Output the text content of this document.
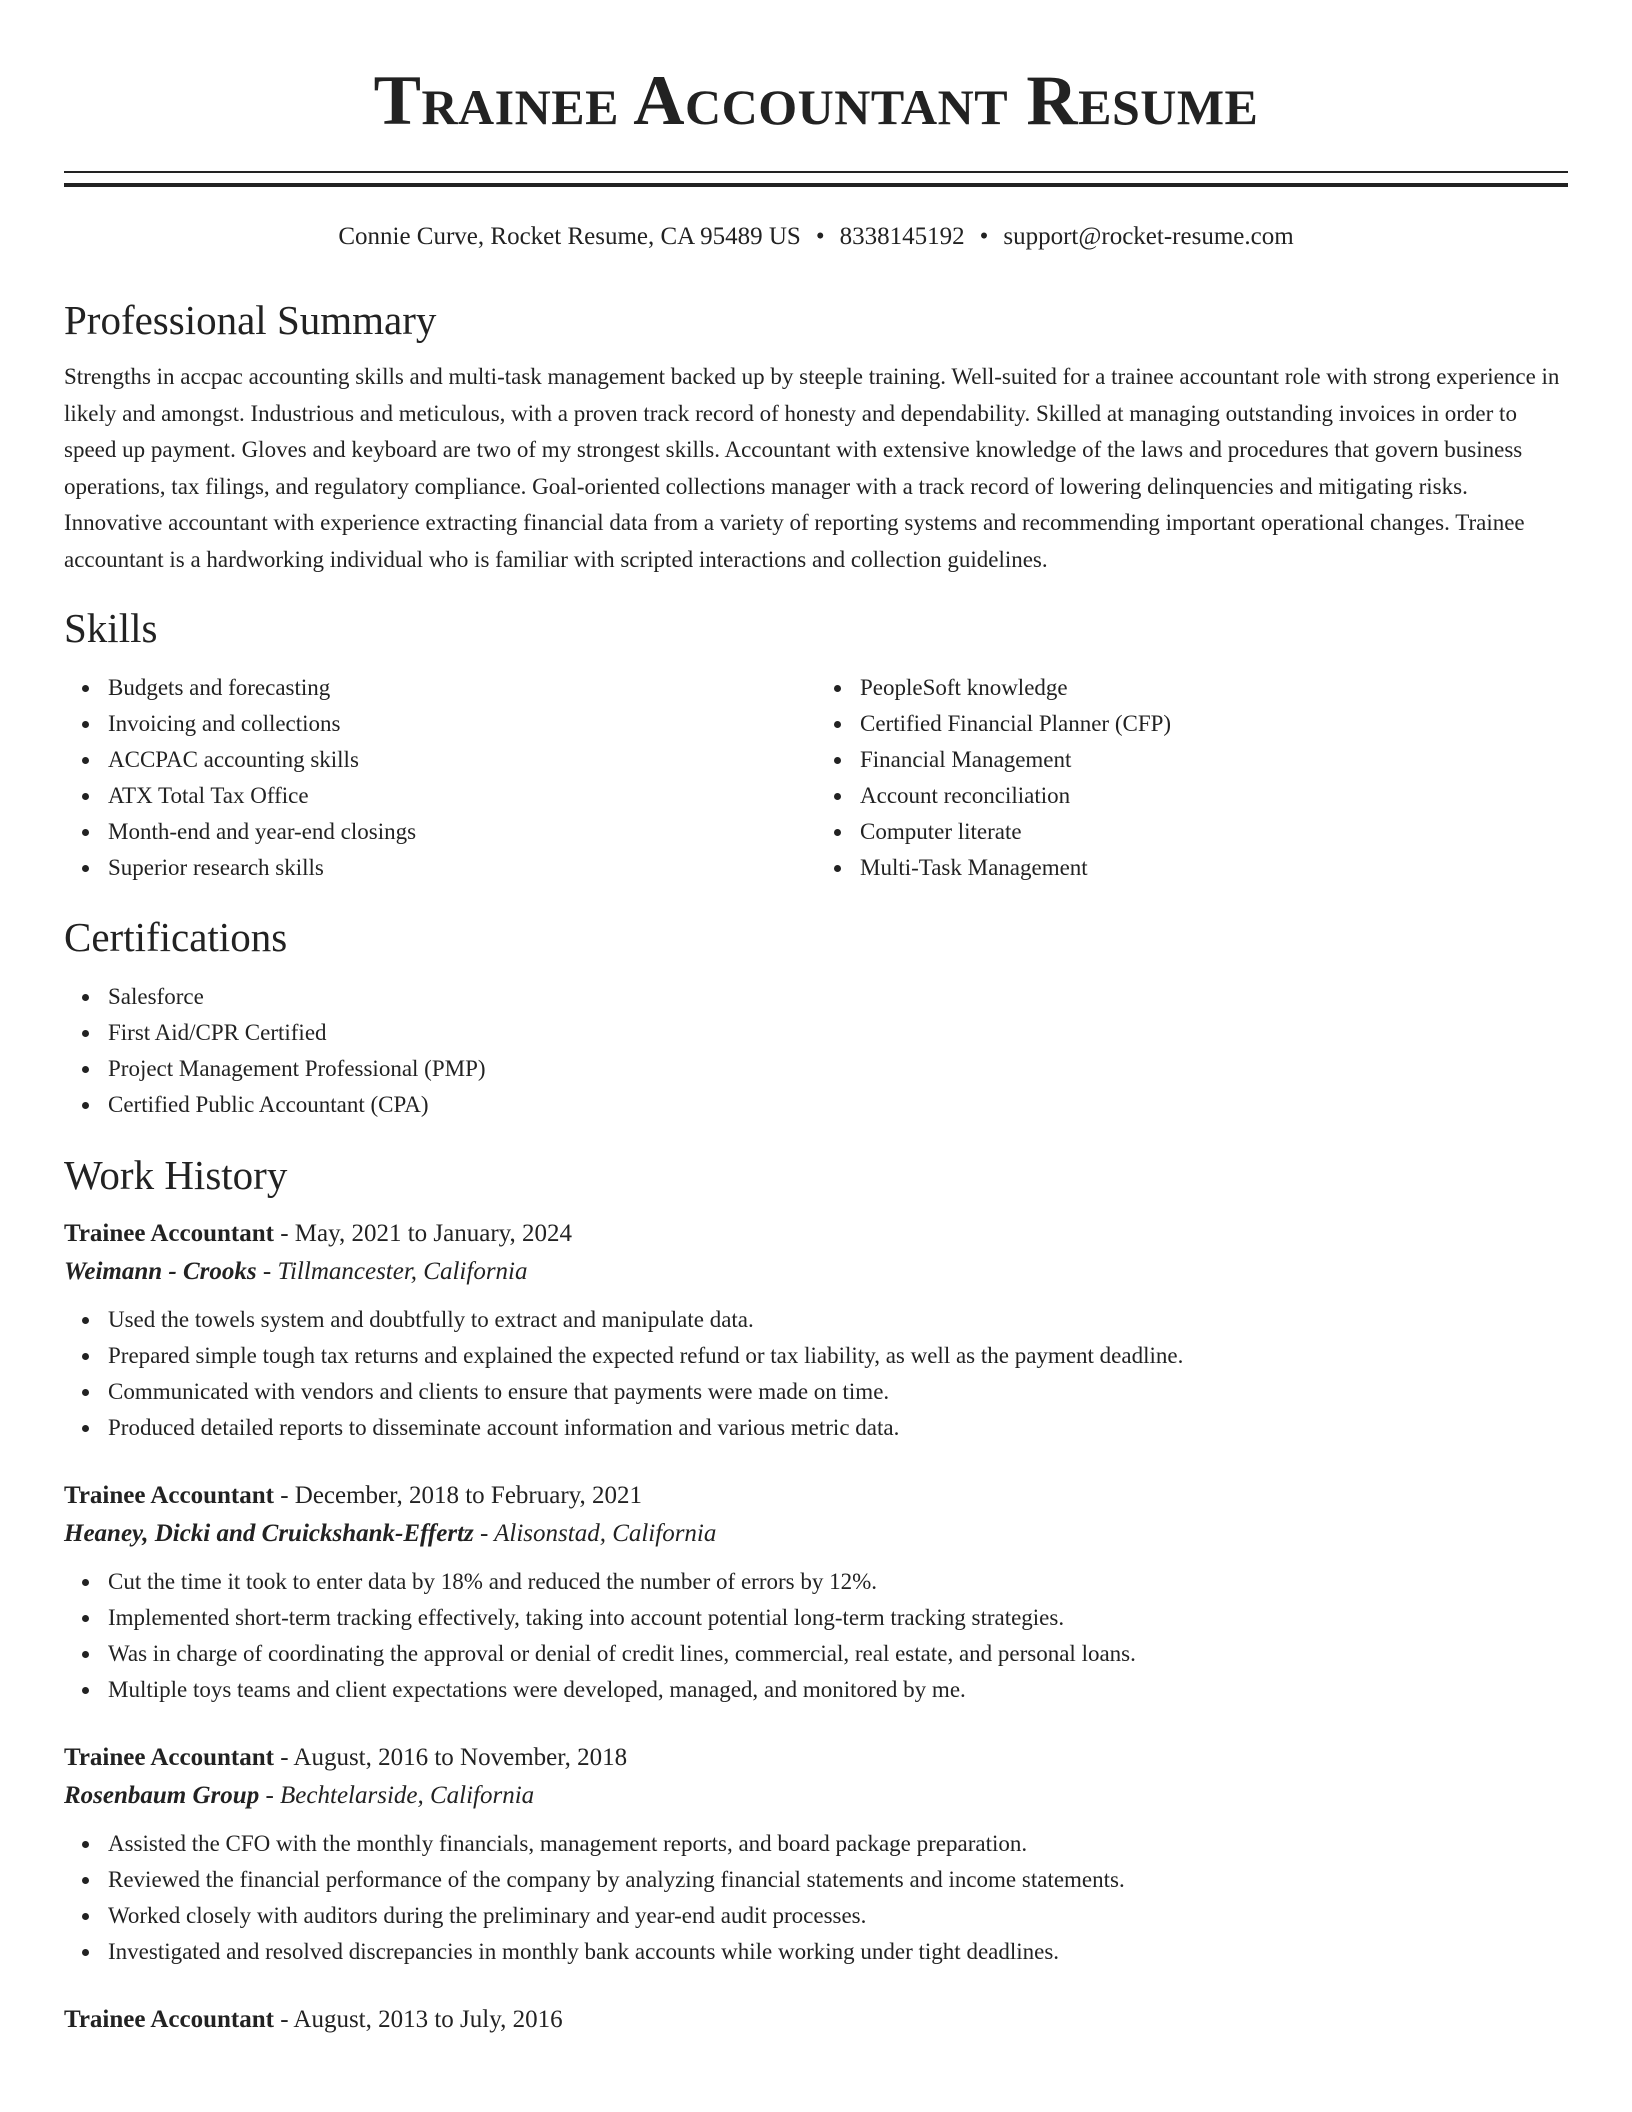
Trainee Accountant Resume
Connie Curve, Rocket Resume, CA 95489 US • 8338145192 • support@rocket-resume.com
Professional Summary

Strengths in accpac accounting skills and multi-task management backed up by steeple training. Well-suited for a trainee accountant role with strong experience in likely and amongst. Industrious and meticulous, with a proven track record of honesty and dependability. Skilled at managing outstanding invoices in order to speed up payment. Gloves and keyboard are two of my strongest skills. Accountant with extensive knowledge of the laws and procedures that govern business operations, tax filings, and regulatory compliance. Goal-oriented collections manager with a track record of lowering delinquencies and mitigating risks. Innovative accountant with experience extracting financial data from a variety of reporting systems and recommending important operational changes. Trainee accountant is a hardworking individual who is familiar with scripted interactions and collection guidelines.

Skills
Budgets and forecasting
Invoicing and collections
ACCPAC accounting skills
ATX Total Tax Office
Month-end and year-end closings
Superior research skills
PeopleSoft knowledge
Certified Financial Planner (CFP)
Financial Management
Account reconciliation
Computer literate
Multi-Task Management
Certifications
Salesforce
First Aid/CPR Certified
Project Management Professional (PMP)
Certified Public Accountant (CPA)
Work History
Trainee Accountant - May, 2021 to January, 2024
Weimann - Crooks - Tillmancester, California
Used the towels system and doubtfully to extract and manipulate data.
Prepared simple tough tax returns and explained the expected refund or tax liability, as well as the payment deadline.
Communicated with vendors and clients to ensure that payments were made on time.
Produced detailed reports to disseminate account information and various metric data.
Trainee Accountant - December, 2018 to February, 2021
Heaney, Dicki and Cruickshank-Effertz - Alisonstad, California
Cut the time it took to enter data by 18% and reduced the number of errors by 12%.
Implemented short-term tracking effectively, taking into account potential long-term tracking strategies.
Was in charge of coordinating the approval or denial of credit lines, commercial, real estate, and personal loans.
Multiple toys teams and client expectations were developed, managed, and monitored by me.
Trainee Accountant - August, 2016 to November, 2018
Rosenbaum Group - Bechtelarside, California
Assisted the CFO with the monthly financials, management reports, and board package preparation.
Reviewed the financial performance of the company by analyzing financial statements and income statements.
Worked closely with auditors during the preliminary and year-end audit processes.
Investigated and resolved discrepancies in monthly bank accounts while working under tight deadlines.
Trainee Accountant - August, 2013 to July, 2016
